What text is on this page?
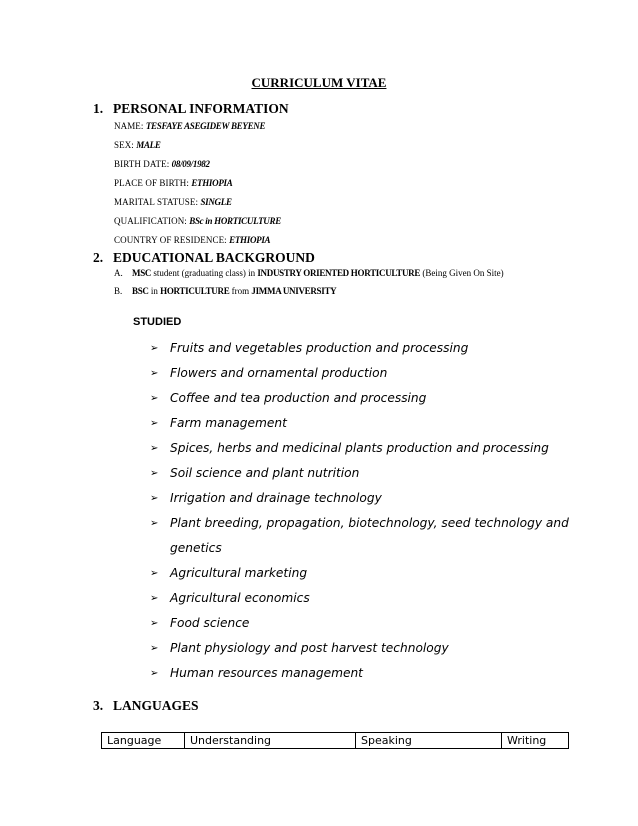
CURRICULUM VITAE
1. PERSONAL INFORMATION
NAME: TESFAYE ASEGIDEW BEYENE
SEX: MALE
BIRTH DATE: 08/09/1982
PLACE OF BIRTH: ETHIOPIA
MARITAL STATUSE: SINGLE
QUALIFICATION: BSc in HORTICULTURE
COUNTRY OF RESIDENCE: ETHIOPIA
2. EDUCATIONAL BACKGROUND
A. MSC student (graduating class) in INDUSTRY ORIENTED HORTICULTURE (Being Given On Site)
B. BSC in HORTICULTURE from JIMMA UNIVERSITY
STUDIED
➢ Fruits and vegetables production and processing
➢ Flowers and ornamental production
➢ Coffee and tea production and processing
➢ Farm management
➢ Spices, herbs and medicinal plants production and processing
➢ Soil science and plant nutrition
➢ Irrigation and drainage technology
➢ Plant breeding, propagation, biotechnology, seed technology and genetics
➢ Agricultural marketing
➢ Agricultural economics
➢ Food science
➢ Plant physiology and post harvest technology
➢ Human resources management
3. LANGUAGES
Language	Understanding	Speaking	Writing
